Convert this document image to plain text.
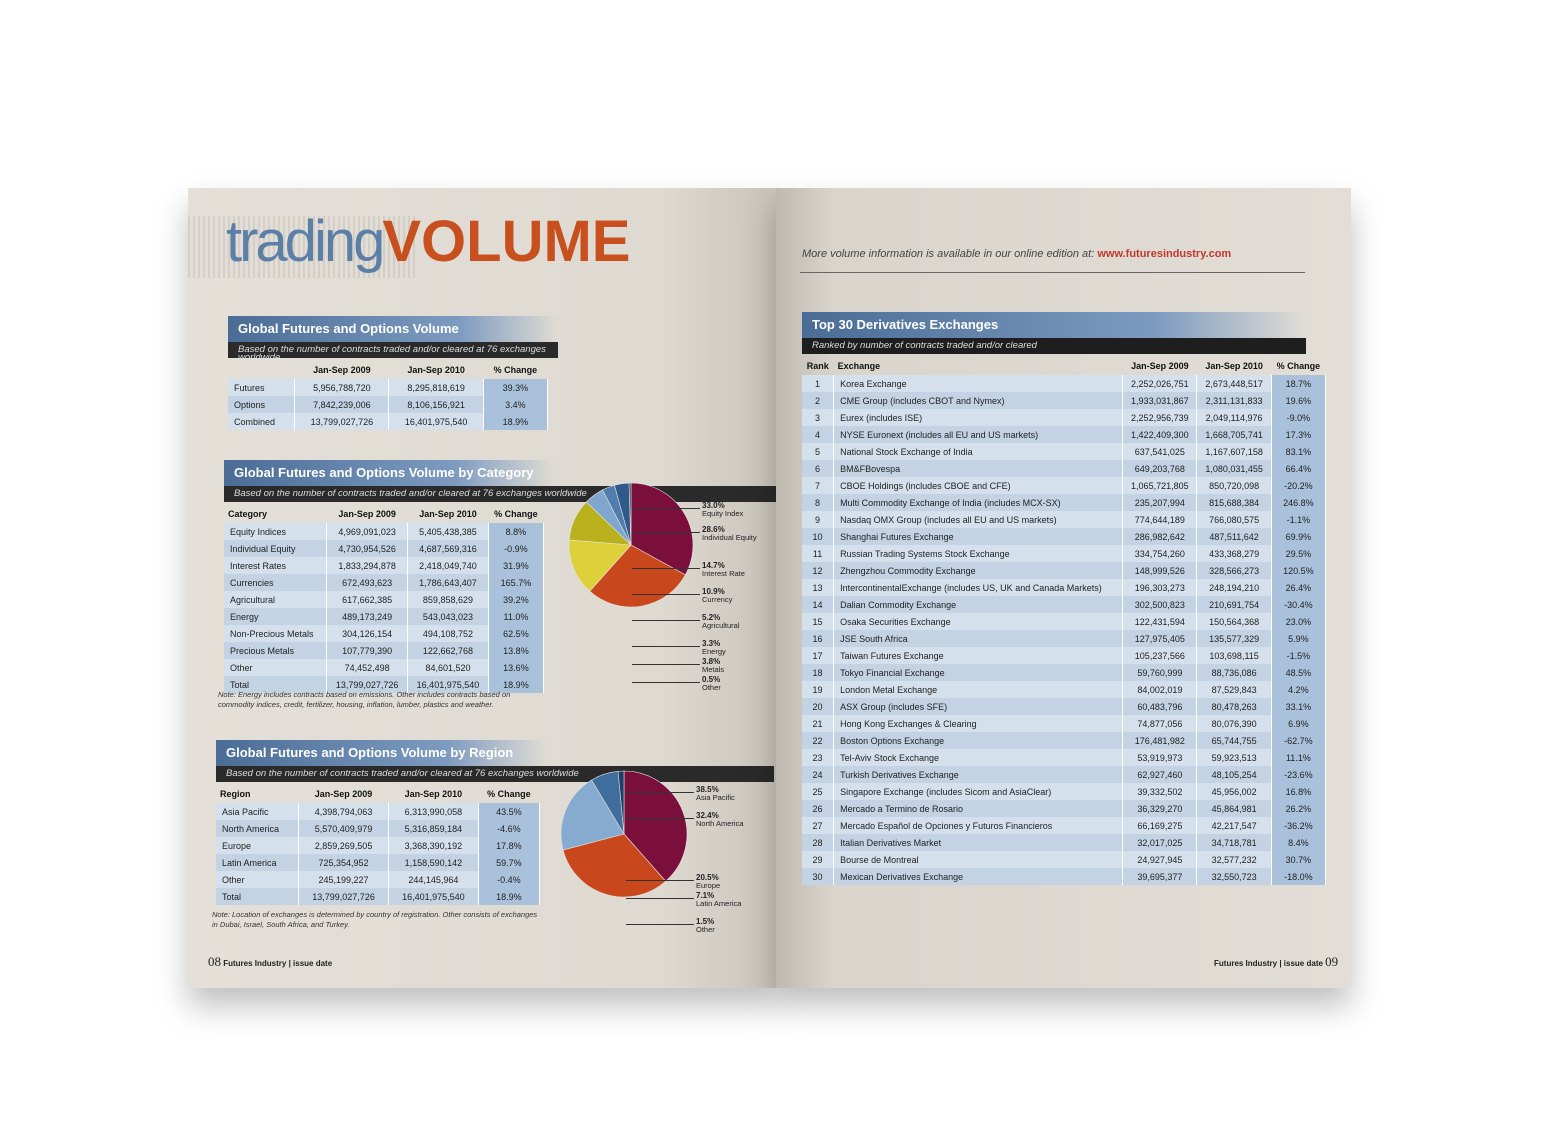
tradingVOLUME
Global Futures and Options Volume
Based on the number of contracts traded and/or cleared at 76 exchanges worldwide
	Jan-Sep 2009	Jan-Sep 2010	% Change
Futures	5,956,788,720	8,295,818,619	39.3%
Options	7,842,239,006	8,106,156,921	3.4%
Combined	13,799,027,726	16,401,975,540	18.9%
Global Futures and Options Volume by Category
Based on the number of contracts traded and/or cleared at 76 exchanges worldwide
Category	Jan-Sep 2009	Jan-Sep 2010	% Change
Equity Indices	4,969,091,023	5,405,438,385	8.8%
Individual Equity	4,730,954,526	4,687,569,316	-0.9%
Interest Rates	1,833,294,878	2,418,049,740	31.9%
Currencies	672,493,623	1,786,643,407	165.7%
Agricultural	617,662,385	859,858,629	39.2%
Energy	489,173,249	543,043,023	11.0%
Non-Precious Metals	304,126,154	494,108,752	62.5%
Precious Metals	107,779,390	122,662,768	13.8%
Other	74,452,498	84,601,520	13.6%
Total	13,799,027,726	16,401,975,540	18.9%
Note: Energy includes contracts based on emissions. Other includes contracts based on commodity indices, credit, fertilizer, housing, inflation, lumber, plastics and weather.
Global Futures and Options Volume by Region
Based on the number of contracts traded and/or cleared at 76 exchanges worldwide
Region	Jan-Sep 2009	Jan-Sep 2010	% Change
Asia Pacific	4,398,794,063	6,313,990,058	43.5%
North America	5,570,409,979	5,316,859,184	-4.6%
Europe	2,859,269,505	3,368,390,192	17.8%
Latin America	725,354,952	1,158,590,142	59.7%
Other	245,199,227	244,145,964	-0.4%
Total	13,799,027,726	16,401,975,540	18.9%
Note: Location of exchanges is determined by country of registration. Other consists of exchanges in Dubai, Israel, South Africa, and Turkey.
08 Futures Industry | issue date
33.0%
Equity Index
28.6%
Individual Equity
14.7%
Interest Rate
10.9%
Currency
5.2%
Agricultural
3.3%
Energy
3.8%
Metals
0.5%
Other
38.5%
Asia Pacific
32.4%
North America
20.5%
Europe
7.1%
Latin America
1.5%
Other
More volume information is available in our online edition at: www.futuresindustry.com
Top 30 Derivatives Exchanges
Ranked by number of contracts traded and/or cleared
Rank	Exchange	Jan-Sep 2009	Jan-Sep 2010	% Change
1	Korea Exchange	2,252,026,751	2,673,448,517	18.7%
2	CME Group (includes CBOT and Nymex)	1,933,031,867	2,311,131,833	19.6%
3	Eurex (includes ISE)	2,252,956,739	2,049,114,976	-9.0%
4	NYSE Euronext (includes all EU and US markets)	1,422,409,300	1,668,705,741	17.3%
5	National Stock Exchange of India	637,541,025	1,167,607,158	83.1%
6	BM&FBovespa	649,203,768	1,080,031,455	66.4%
7	CBOE Holdings (includes CBOE and CFE)	1,065,721,805	850,720,098	-20.2%
8	Multi Commodity Exchange of India (includes MCX-SX)	235,207,994	815,688,384	246.8%
9	Nasdaq OMX Group (includes all EU and US markets)	774,644,189	766,080,575	-1.1%
10	Shanghai Futures Exchange	286,982,642	487,511,642	69.9%
11	Russian Trading Systems Stock Exchange	334,754,260	433,368,279	29.5%
12	Zhengzhou Commodity Exchange	148,999,526	328,566,273	120.5%
13	IntercontinentalExchange (includes US, UK and Canada Markets)	196,303,273	248,194,210	26.4%
14	Dalian Commodity Exchange	302,500,823	210,691,754	-30.4%
15	Osaka Securities Exchange	122,431,594	150,564,368	23.0%
16	JSE South Africa	127,975,405	135,577,329	5.9%
17	Taiwan Futures Exchange	105,237,566	103,698,115	-1.5%
18	Tokyo Financial Exchange	59,760,999	88,736,086	48.5%
19	London Metal Exchange	84,002,019	87,529,843	4.2%
20	ASX Group (includes SFE)	60,483,796	80,478,263	33.1%
21	Hong Kong Exchanges & Clearing	74,877,056	80,076,390	6.9%
22	Boston Options Exchange	176,481,982	65,744,755	-62.7%
23	Tel-Aviv Stock Exchange	53,919,973	59,923,513	11.1%
24	Turkish Derivatives Exchange	62,927,460	48,105,254	-23.6%
25	Singapore Exchange (includes Sicom and AsiaClear)	39,332,502	45,956,002	16.8%
26	Mercado a Termino de Rosario	36,329,270	45,864,981	26.2%
27	Mercado Español de Opciones y Futuros Financieros	66,169,275	42,217,547	-36.2%
28	Italian Derivatives Market	32,017,025	34,718,781	8.4%
29	Bourse de Montreal	24,927,945	32,577,232	30.7%
30	Mexican Derivatives Exchange	39,695,377	32,550,723	-18.0%
Futures Industry | issue date 09
